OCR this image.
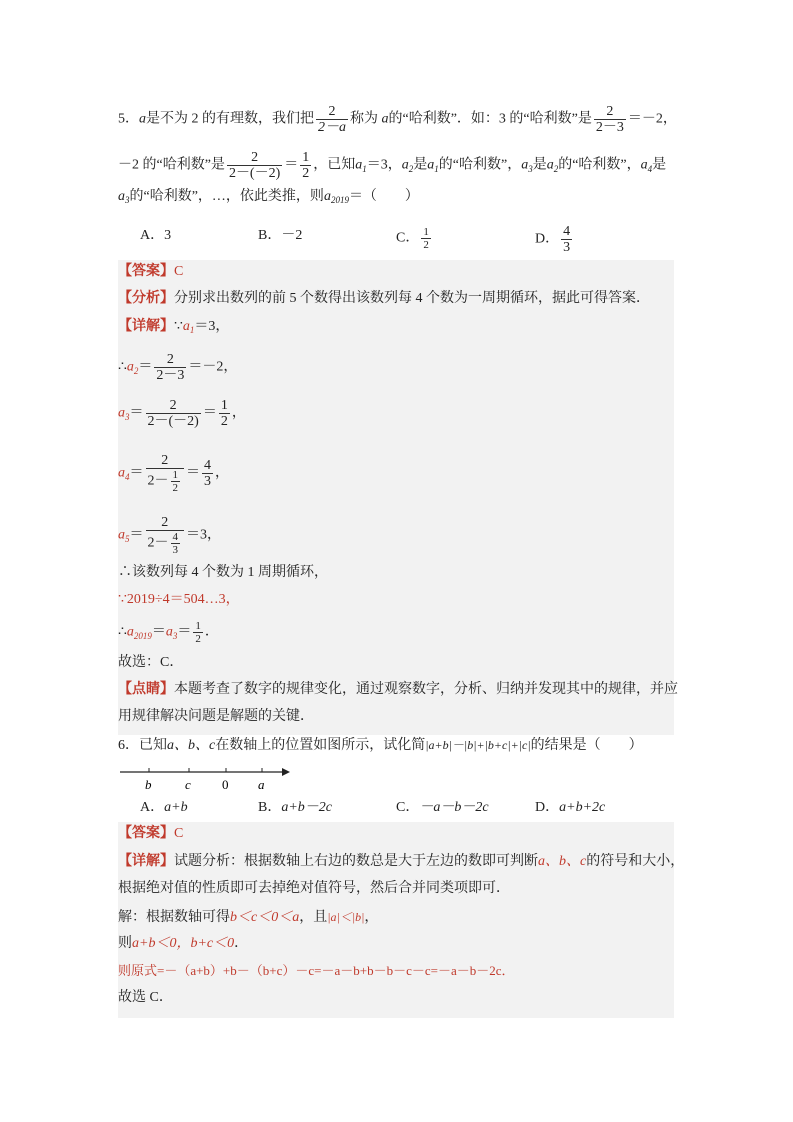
5．a是不为 2 的有理数，我们把 $\frac{2}{2-a}$ 称为 a的“哈利数”．如：3 的“哈利数”是 $\frac{2}{2-3} =-2$，
－2 的“哈利数”是 $\frac{2}{2-(-2)} = \frac{1}{2}$ ，已知$a_1=3$，$a_2$是$a_1$的“哈利数”，$a_3$是$a_2$的“哈利数”，$a_4$是
$a_3$的“哈利数”，…，依此类推，则$a_{2019}=$（　　）
A．3	B．－2	C． $\frac{1}{2}$	D． $\frac{4}{3}$
【答案】C
【分析】分别求出数列的前 5 个数得出该数列每 4 个数为一周期循环，据此可得答案．
【详解】$\because a_1=3$，
$\therefore a_2= \frac{2}{2-3} =-2$，
$a_3= \frac{2}{2-(-2)} = \frac{1}{2}$ ，
$a_4= \frac{2}{2- \frac{1}{2}} = \frac{4}{3}$ ，
$a_5= \frac{2}{2- \frac{4}{3}} =3$，
∴该数列每 4 个数为 1 周期循环，
∵2019÷4＝504…3，
$\therefore a_{2019}=a_3= \frac{1}{2}$ ．
故选：C．
【点睛】本题考查了数字的规律变化，通过观察数字，分析、归纳并发现其中的规律，并应
用规律解决问题是解题的关键．
6．已知a、b、c在数轴上的位置如图所示，试化简|a+b|－|b|+|b+c|+|c|的结果是（　　）
b	c 0 a
A．a+b	B．a+b－2c	C．－a－b－2c	D．a+b+2c
【答案】C
【详解】试题分析：根据数轴上右边的数总是大于左边的数即可判断a、b、c的符号和大小，
根据绝对值的性质即可去掉绝对值符号，然后合并同类项即可．
解：根据数轴可得b＜c＜0＜a，且|a|＜|b|，
则a+b＜0，b+c＜0．
则原式=－（a+b）+b－（b+c）－c=－a－b+b－b－c－c=－a－b－2c．
故选 C．
